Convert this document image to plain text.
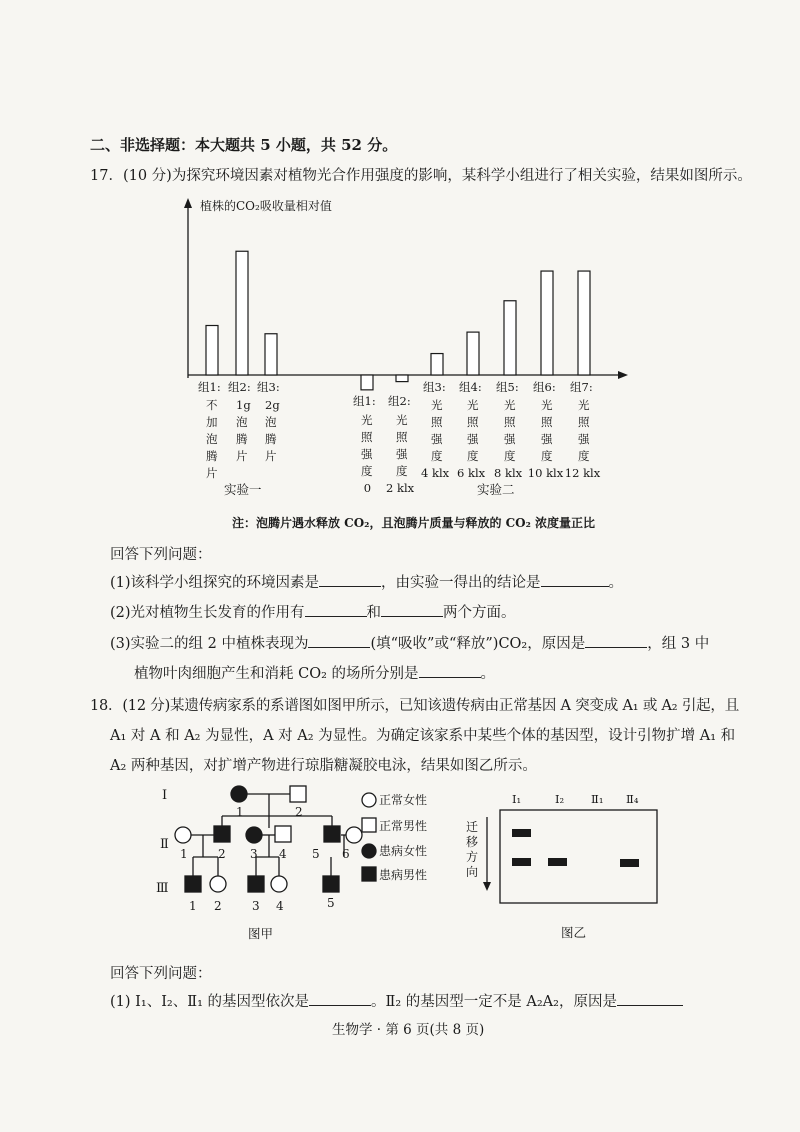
二、非选择题：本大题共 5 小题，共 52 分。
17．(10 分)为探究环境因素对植物光合作用强度的影响，某科学小组进行了相关实验，结果如图所示。
植株的CO₂吸收量相对值
组1:
不
加
泡
腾
片
组2:
1g
泡
腾
片
组3:
2g
泡
腾
片
实验一
组1:
光
照
强
度
0
组2:
光
照
强
度
2 klx
组3:
光
照
强
度
4 klx
组4:
光
照
强
度
6 klx
组5:
光
照
强
度
8 klx
组6:
光
照
强
度
10 klx
组7:
光
照
强
度
12 klx
实验二
注：泡腾片遇水释放 CO₂，且泡腾片质量与释放的 CO₂ 浓度量正比
回答下列问题：
(1)该科学小组探究的环境因素是	，由实验一得出的结论是	。
(2)光对植物生长发育的作用有	和	两个方面。
(3)实验二的组 2 中植株表现为	(填“吸收”或“释放”)CO₂，原因是	，组 3 中
植物叶肉细胞产生和消耗 CO₂ 的场所分别是	。
18．(12 分)某遗传病家系的系谱图如图甲所示，已知该遗传病由正常基因 A 突变成 A₁ 或 A₂ 引起，且
A₁ 对 A 和 A₂ 为显性，A 对 A₂ 为显性。为确定该家系中某些个体的基因型，设计引物扩增 A₁ 和
A₂ 两种基因，对扩增产物进行琼脂糖凝胶电泳，结果如图乙所示。
Ⅰ
Ⅱ
Ⅲ
1	2
1	2 3 4 5 6
1 2	3 4	5
正常女性
正常男性
患病女性
患病男性
图甲
Ⅰ₁	Ⅰ₂ Ⅱ₁ Ⅱ₄
迁
移
方
向
图乙
回答下列问题：
(1) Ⅰ₁、Ⅰ₂、Ⅱ₁ 的基因型依次是	。Ⅱ₂ 的基因型一定不是 A₂A₂，原因是
生物学 · 第 6 页(共 8 页)
